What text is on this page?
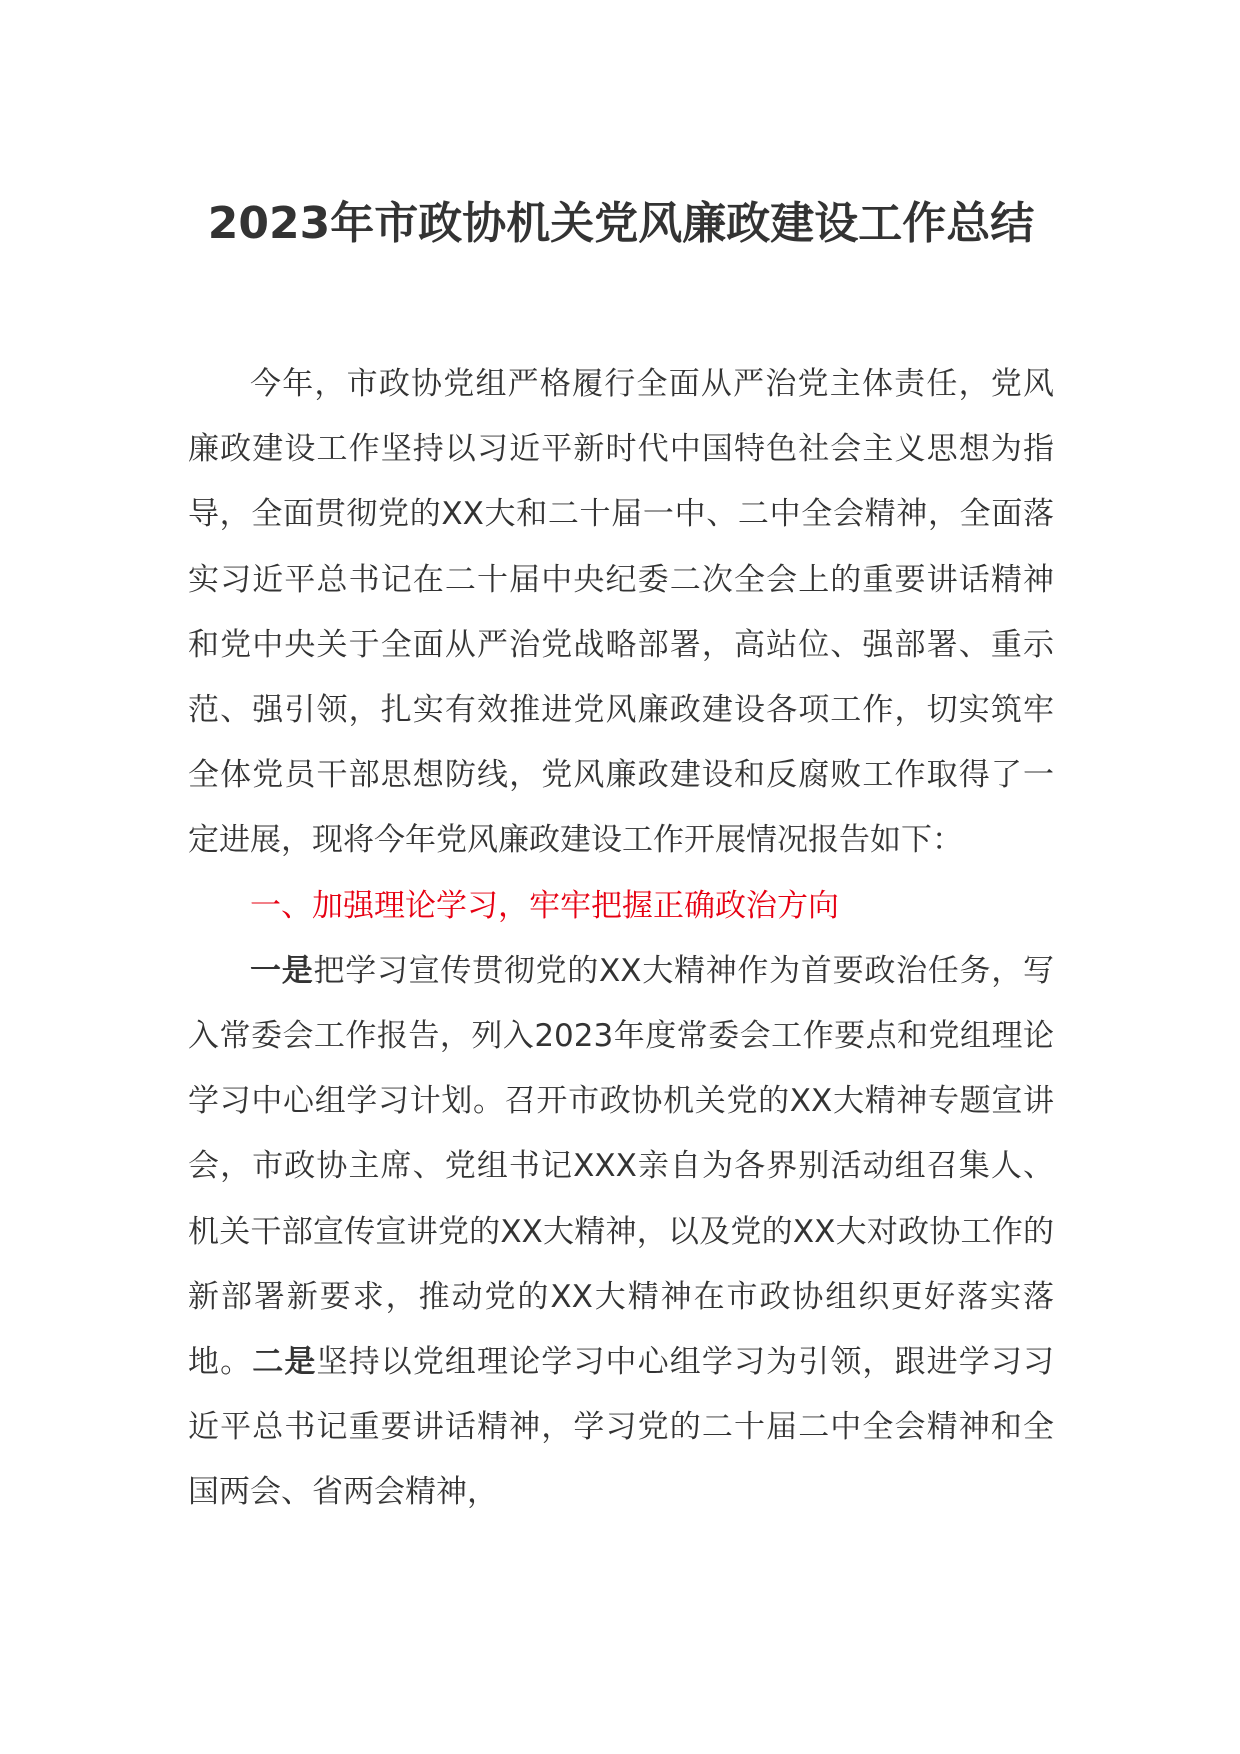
2023年市政协机关党风廉政建设工作总结

今年，市政协党组严格履行全面从严治党主体责任，党风廉政建设工作坚持以习近平新时代中国特色社会主义思想为指导，全面贯彻党的XX大和二十届一中、二中全会精神，全面落实习近平总书记在二十届中央纪委二次全会上的重要讲话精神和党中央关于全面从严治党战略部署，高站位、强部署、重示范、强引领，扎实有效推进党风廉政建设各项工作，切实筑牢全体党员干部思想防线，党风廉政建设和反腐败工作取得了一定进展，现将今年党风廉政建设工作开展情况报告如下：

一、加强理论学习，牢牢把握正确政治方向

一是把学习宣传贯彻党的XX大精神作为首要政治任务，写入常委会工作报告，列入2023年度常委会工作要点和党组理论学习中心组学习计划。召开市政协机关党的XX大精神专题宣讲会，市政协主席、党组书记XXX亲自为各界别活动组召集人、机关干部宣传宣讲党的XX大精神，以及党的XX大对政协工作的新部署新要求，推动党的XX大精神在市政协组织更好落实落地。二是坚持以党组理论学习中心组学习为引领，跟进学习习近平总书记重要讲话精神，学习党的二十届二中全会精神和全国两会、省两会精神，
